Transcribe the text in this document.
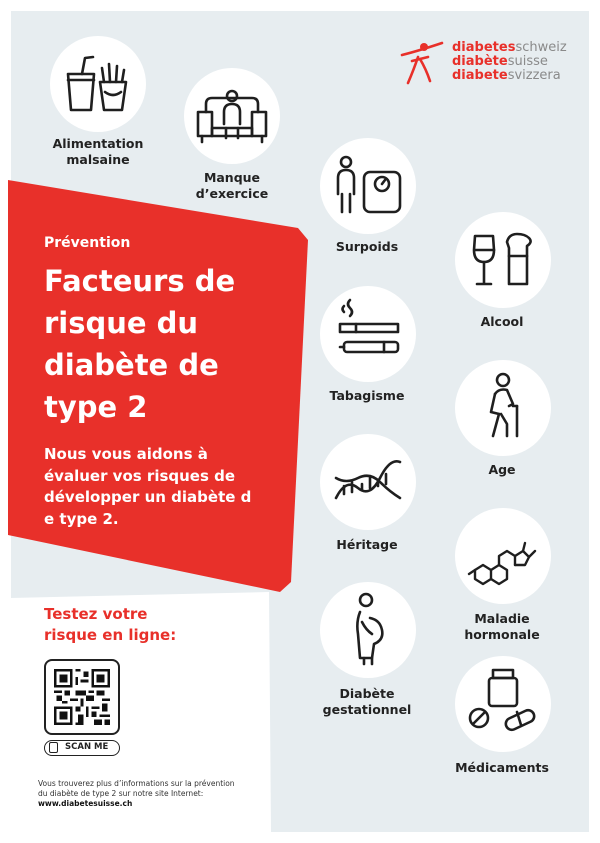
diabetesschweiz
diabètesuisse
diabetesvizzera
Prévention
Facteurs de
risque du
diabète de
type 2
Nous vous aidons à
évaluer vos risques de
développer un diabète d
e type 2.
Testez votre
risque en ligne:
SCAN ME
Vous trouverez plus d’informations sur la prévention
du diabète de type 2 sur notre site Internet:
www.diabetesuisse.ch
Alimentation
malsaine
Manque
d’exercice
Surpoids
Alcool
Tabagisme
Age
Héritage
Maladie
hormonale
Diabète
gestationnel
Médicaments
